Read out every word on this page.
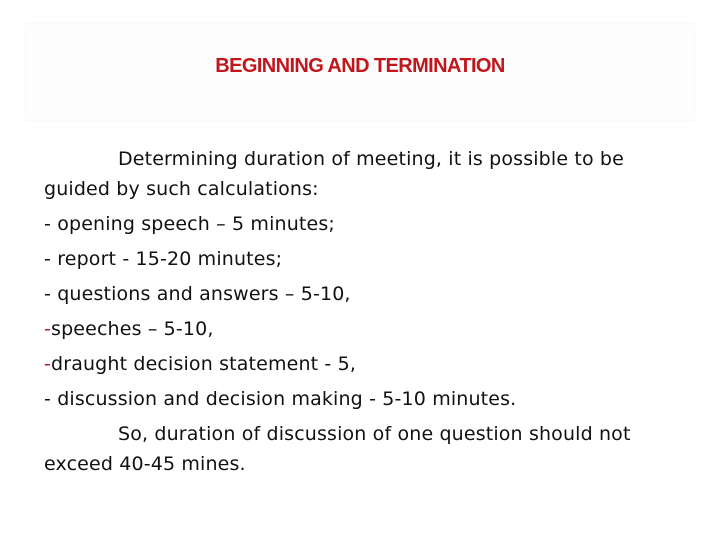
BEGINNING AND TERMINATION

Determining duration of meeting, it is possible to be guided by such calculations:

- opening speech – 5 minutes;

- report - 15-20 minutes;

- questions and answers – 5-10,

-speeches – 5-10,

-draught decision statement - 5,

- discussion and decision making - 5-10 minutes.

So, duration of discussion of one question should not exceed 40-45 mines.
